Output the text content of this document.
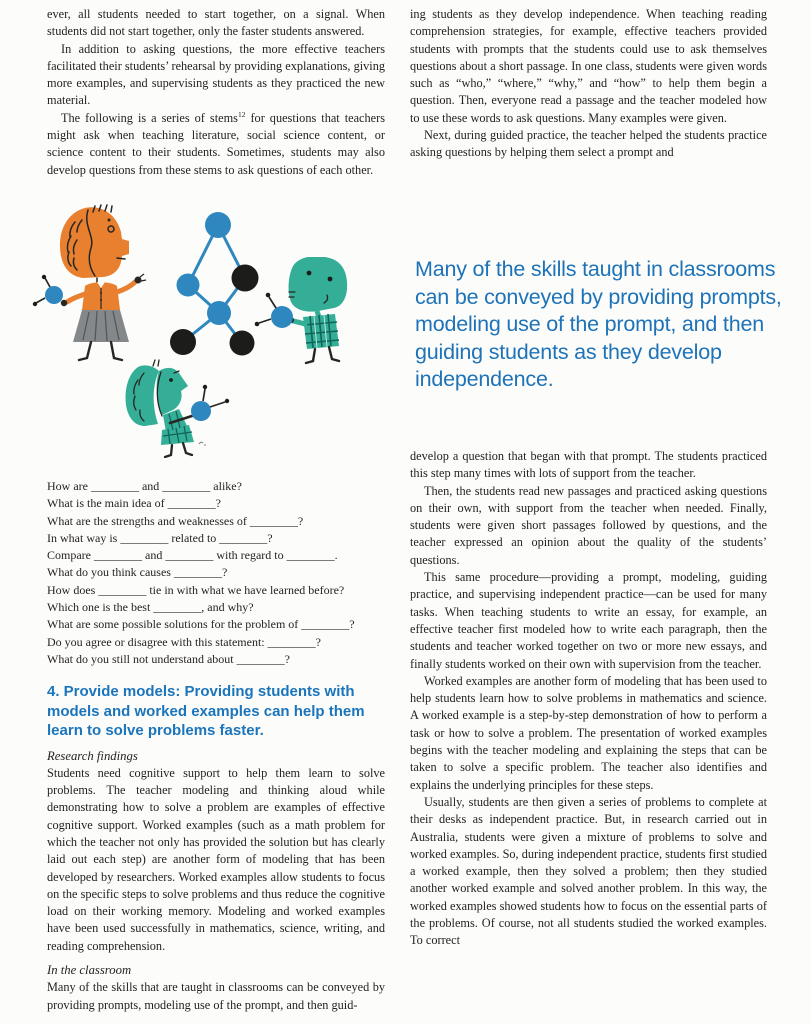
ever, all students needed to start together, on a signal. When students did not start together, only the faster students answered.

In addition to asking questions, the more effective teachers facilitated their students’ rehearsal by providing explanations, giving more examples, and supervising students as they practiced the new material.

The following is a series of stems$^{12}$ for questions that teachers might ask when teaching literature, social science content, or science content to their students. Sometimes, students may also develop questions from these stems to ask questions of each other.

How are ________ and ________ alike?
What is the main idea of ________?
What are the strengths and weaknesses of ________?
In what way is ________ related to ________?
Compare ________ and ________ with regard to ________.
What do you think causes ________?
How does ________ tie in with what we have learned before?
Which one is the best ________, and why?
What are some possible solutions for the problem of ________?
Do you agree or disagree with this statement: ________?
What do you still not understand about ________?
4. Provide models: Providing students with models and worked examples can help them learn to solve problems faster.

Research findings

Students need cognitive support to help them learn to solve problems. The teacher modeling and thinking aloud while demonstrating how to solve a problem are examples of effective cognitive support. Worked examples (such as a math problem for which the teacher not only has provided the solution but has clearly laid out each step) are another form of modeling that has been developed by researchers. Worked examples allow students to focus on the specific steps to solve problems and thus reduce the cognitive load on their working memory. Modeling and worked examples have been used successfully in mathematics, science, writing, and reading comprehension.

In the classroom

Many of the skills that are taught in classrooms can be conveyed by providing prompts, modeling use of the prompt, and then guid-

ing students as they develop independence. When teaching reading comprehension strategies, for example, effective teachers provided students with prompts that the students could use to ask themselves questions about a short passage. In one class, students were given words such as “who,” “where,” “why,” and “how” to help them begin a question. Then, everyone read a passage and the teacher modeled how to use these words to ask questions. Many examples were given.

Next, during guided practice, the teacher helped the students practice asking questions by helping them select a prompt and

Many of the skills taught in classrooms can be conveyed by providing prompts, modeling use of the prompt, and then guiding students as they develop independence.

develop a question that began with that prompt. The students practiced this step many times with lots of support from the teacher.

Then, the students read new passages and practiced asking questions on their own, with support from the teacher when needed. Finally, students were given short passages followed by questions, and the teacher expressed an opinion about the quality of the students’ questions.

This same procedure—providing a prompt, modeling, guiding practice, and supervising independent practice—can be used for many tasks. When teaching students to write an essay, for example, an effective teacher first modeled how to write each paragraph, then the students and teacher worked together on two or more new essays, and finally students worked on their own with supervision from the teacher.

Worked examples are another form of modeling that has been used to help students learn how to solve problems in mathematics and science. A worked example is a step-by-step demonstration of how to perform a task or how to solve a problem. The presentation of worked examples begins with the teacher modeling and explaining the steps that can be taken to solve a specific problem. The teacher also identifies and explains the underlying principles for these steps.

Usually, students are then given a series of problems to complete at their desks as independent practice. But, in research carried out in Australia, students were given a mixture of problems to solve and worked examples. So, during independent practice, students first studied a worked example, then they solved a problem; then they studied another worked example and solved another problem. In this way, the worked examples showed students how to focus on the essential parts of the problems. Of course, not all students studied the worked examples. To correct
